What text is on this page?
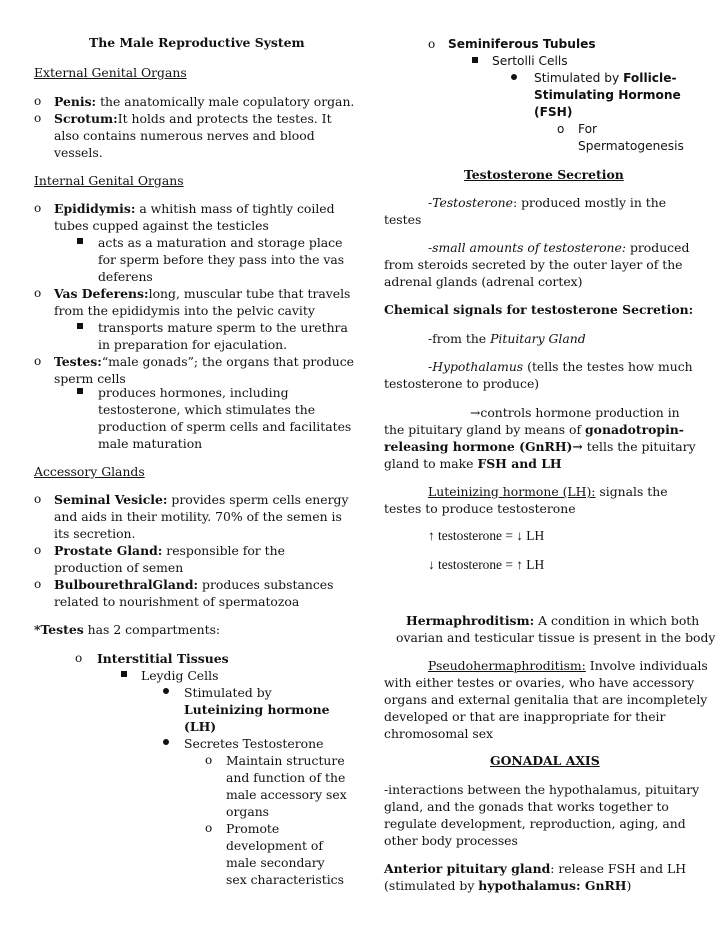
The Male Reproductive System
External Genital Organs
o Penis: the anatomically male copulatory organ.
o Scrotum:It holds and protects the testes. It
also contains numerous nerves and blood
vessels.
Internal Genital Organs
o Epididymis: a whitish mass of tightly coiled
tubes cupped against the testicles
acts as a maturation and storage place
for sperm before they pass into the vas
deferens
o Vas Deferens:long, muscular tube that travels
from the epididymis into the pelvic cavity
transports mature sperm to the urethra
in preparation for ejaculation.
o Testes:“male gonads”; the organs that produce
sperm cells
produces hormones, including
testosterone, which stimulates the
production of sperm cells and facilitates
male maturation
Accessory Glands
o Seminal Vesicle: provides sperm cells energy
and aids in their motility. 70% of the semen is
its secretion.
o Prostate Gland: responsible for the
production of semen
o BulbourethralGland: produces substances
related to nourishment of spermatozoa
*Testes has 2 compartments:
o Interstitial Tissues
Leydig Cells
Stimulated by
Luteinizing hormone
(LH)
Secretes Testosterone
o Maintain structure
and function of the
male accessory sex
organs
o Promote
development of
male secondary
sex characteristics
o Seminiferous Tubules
Sertolli Cells
Stimulated by Follicle-
Stimulating Hormone
(FSH)
o For
Spermatogenesis
Testosterone Secretion
-Testosterone: produced mostly in the
testes
-small amounts of testosterone: produced
from steroids secreted by the outer layer of the
adrenal glands (adrenal cortex)
Chemical signals for testosterone Secretion:
-from the Pituitary Gland
-Hypothalamus (tells the testes how much
testosterone to produce)
→controls hormone production in
the pituitary gland by means of gonadotropin-
releasing hormone (GnRH)→ tells the pituitary
gland to make FSH and LH
Luteinizing hormone (LH): signals the
testes to produce testosterone
↑ testosterone = ↓ LH
↓ testosterone = ↑ LH
Hermaphroditism: A condition in which both
ovarian and testicular tissue is present in the body
Pseudohermaphroditism: Involve individuals
with either testes or ovaries, who have accessory
organs and external genitalia that are incompletely
developed or that are inappropriate for their
chromosomal sex
GONADAL AXIS
-interactions between the hypothalamus, pituitary
gland, and the gonads that works together to
regulate development, reproduction, aging, and
other body processes
Anterior pituitary gland: release FSH and LH
(stimulated by hypothalamus: GnRH)
